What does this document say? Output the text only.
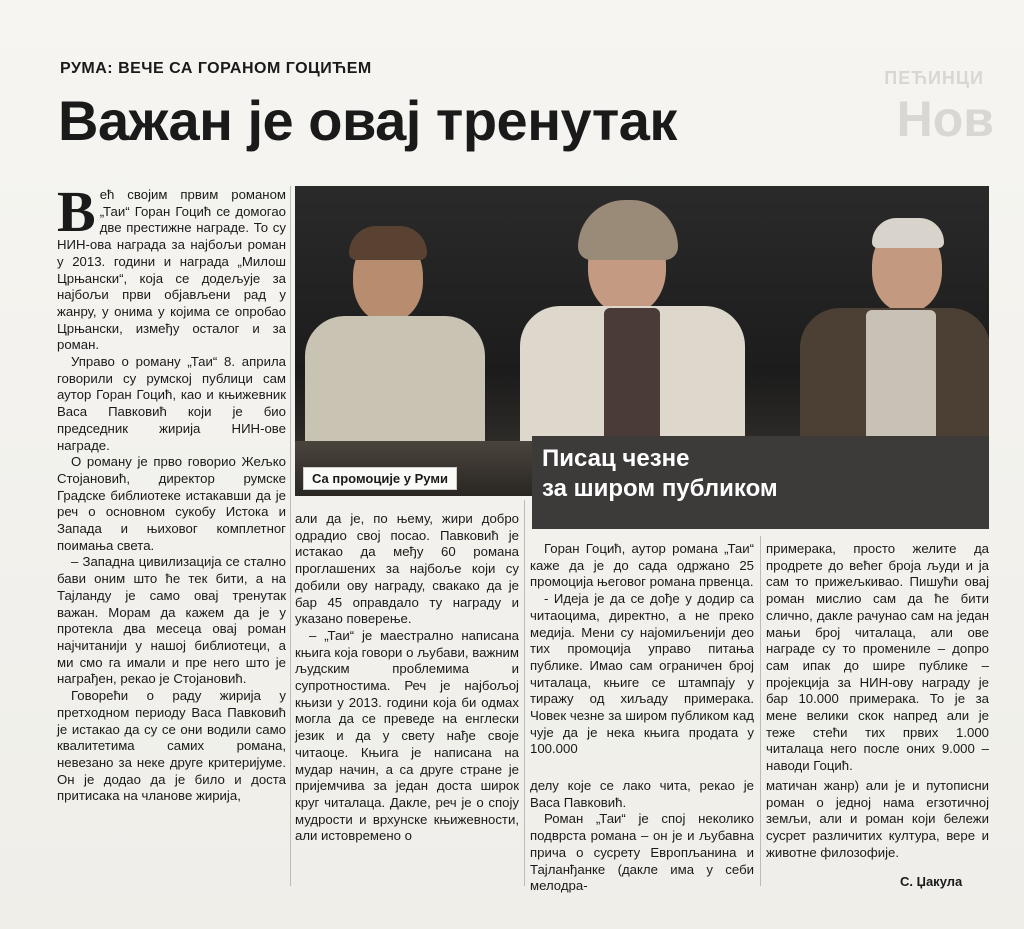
ПЕЋИНЦИ
Нов
РУМА: ВЕЧЕ СА ГОРАНОМ ГОЦИЋЕМ
Важан је овај тренутак

Већ својим првим романом „Таи“ Горан Гоцић се домогао две престижне награде. То су НИН-ова награда за најбољи роман у 2013. години и награда „Милош Црњански“, која се додељује за најбољи први објављени рад у жанру, у онима у којима се опробао Црњански, између осталог и за роман.

Управо о роману „Таи“ 8. априла говорили су румској публици сам аутор Горан Гоцић, као и књижевник Васа Павковић који је био председник жирија НИН-ове награде.

О роману је прво говорио Жељко Стојановић, директор румске Градске библиотеке истакавши да је реч о основном сукобу Истока и Запада и њиховог комплетног поимања света.

– Западна цивилизација се стално бави оним што ће тек бити, а на Тајланду је само овај тренутак важан. Морам да кажем да је у протекла два месеца овај роман најчитанији у нашој библиотеци, а ми смо га имали и пре него што је награђен, рекао је Стојановић.

Говорећи о раду жирија у претходном периоду Васа Павковић је истакао да су се они водили само квалитетима самих романа, невезано за неке друге критеријуме. Он је додао да је било и доста притисака на члановe жирија,

Са промоције у Руми
Писац чезне
за широм публиком

али да је, по њему, жири добро одрадио свој посао. Павковић је истакао да међу 60 романа проглашених за најбоље који су добили ову награду, свакако да је бар 45 оправдало ту награду и указано поверење.

– „Таи“ је маестрално написана књига која говори о љубави, важним људским проблемима и супротностима. Реч је најбољој књизи у 2013. години која би одмах могла да се преведе на енглески језик и да у свету нађе своје читаоце. Књига је написана на мудар начин, а са друге стране је пријемчива за један доста широк круг читалаца. Дакле, реч је о споју мудрости и врхунске књижевности, али истовремено о

Горан Гоцић, аутор романа „Таи“ каже да је до сада одржано 25 промоција његовог романа првенца.

- Идеја је да се дође у додир са читаоцима, директно, а не преко медија. Мени су најомиљенији део тих промоција управо питања публике. Имао сам ограничен број читалаца, књиге се штампају у тиражу од хиљаду примерака. Човек чезне за широм публиком кад чује да је нека књига продата у 100.000

примерака, просто желите да продрете до већег броја људи и ја сам то прижељкивао. Пишући овај роман мислио сам да ће бити слично, дакле рачунао сам на један мањи број читалаца, али ове награде су то промениле – допро сам ипак до шире публике – пројекција за НИН-ову награду је бар 10.000 примерака. То је за мене велики скок напред али је теже стећи тих првих 1.000 читалаца него после оних 9.000 – наводи Гоцић.

делу које се лако чита, рекао је Васа Павковић.

Роман „Таи“ је спој неколико подврста романа – он је и љубавна прича о сусрету Европљанина и Тајланђанке (дакле има у себи мелодра-

матичан жанр) али је и путописни роман о једној нама егзотичној земљи, али и роман који бележи сусрет различитих култура, вере и животне филозофије.

С. Џакула
